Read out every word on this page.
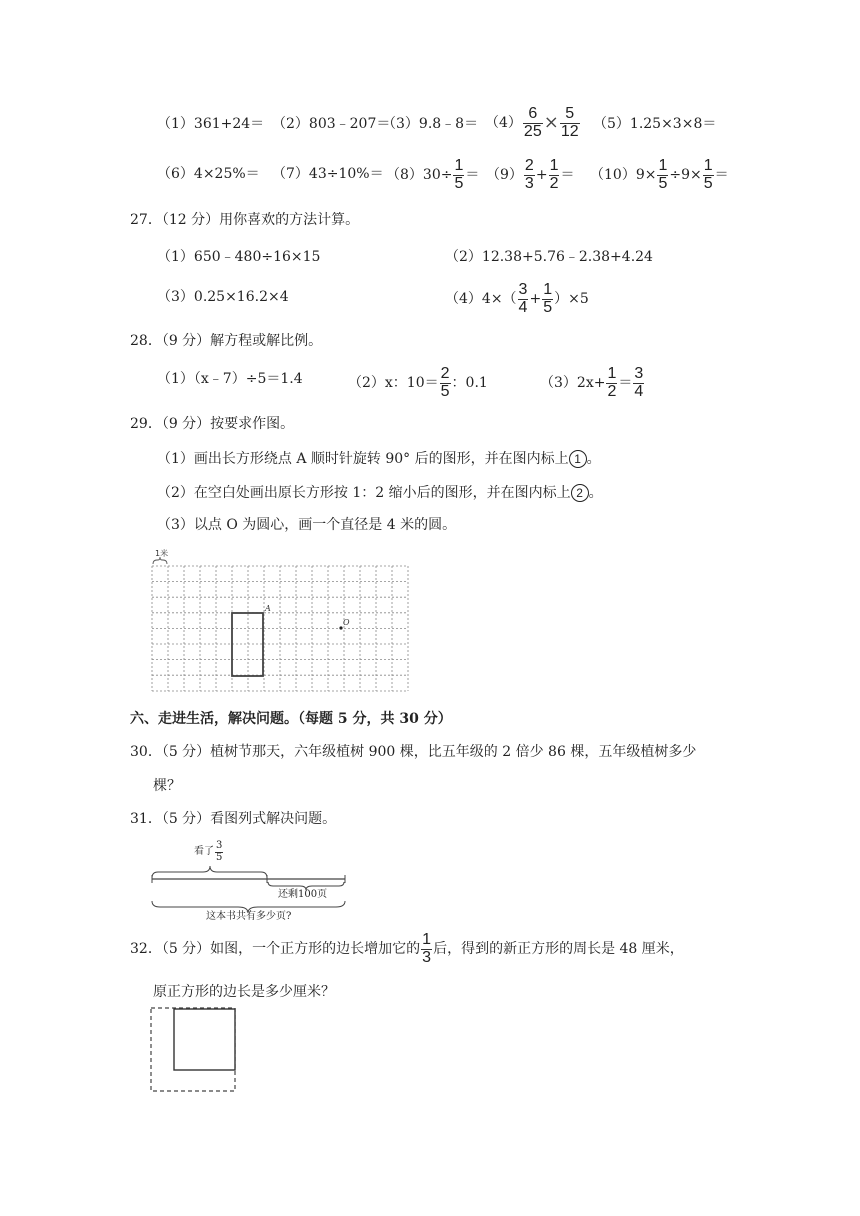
（1）361+24＝ （2）803﹣207＝
（3）9.8﹣8＝ $(4) \frac{6}{25} \times \frac{5}{12} (5)1.25\times 3\times 8=$
$(6)4\times 25\%= (7)43\div 10\%= (8)30\div \frac{1}{5} = (9) \frac{2}{3} + \frac{1}{2} = (10)9\times \frac{1}{5} \div 9\times \frac{1}{5}$ ＝
27．（12 分）用你喜欢的方法计算。
（1）650﹣480÷16×15	（2）12.38+5.76﹣2.38+4.24
（3）0.25×16.2×4	$(4)4\times( \frac{3}{4} + \frac{1}{5} )\times 5$
28．（9 分）解方程或解比例。
（1）（x﹣7）÷5＝1.4	（2）x：$10= \frac{2}{5}$ ：0.1	$(3)2x+ \frac{1}{2} = \frac{3}{4}$
29．（9 分）按要求作图。
（1）画出长方形绕点 A 顺时针旋转 90° 后的图形，并在图内标上 1 。
（2）在空白处画出原长方形按 1：2 缩小后的图形，并在图内标上 2 。
（3）以点 O 为圆心，画一个直径是 4 米的圆。
1米
A
O
六、走进生活，解决问题。（每题 5 分，共 30 分）
30．（5 分）植树节那天，六年级植树 900 棵，比五年级的 2 倍少 86 棵，五年级植树多少
棵？
31．（5 分）看图列式解决问题。
看了 $\frac{3}{5}$
还剩100页
这本书共有多少页?
32．（5 分）如图，一个正方形的边长增加它的 $\frac{1}{3}$ 后，得到的新正方形的周长是 48 厘米，
原正方形的边长是多少厘米？
